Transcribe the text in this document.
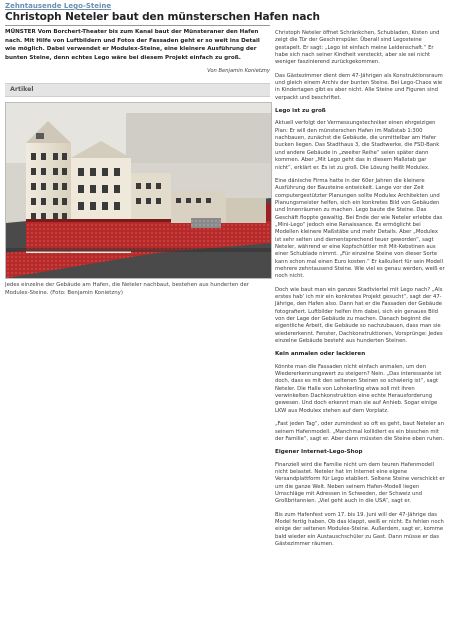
Zehntausende Lego-Steine
Christoph Neteler baut den münsterschen Hafen nach

MÜNSTER Vom Borchert-Theater bis zum Kanal baut der Münsteraner den Hafen nach. Mit Hilfe von Luftbildern und Fotos der Fassaden geht er so weit ins Detail wie möglich. Dabei verwendet er Modulex-Steine, eine kleinere Ausführung der bunten Steine, denn echtes Lego wäre bei diesem Projekt einfach zu groß.

Von Benjamin Konietzny
Artikel

Jedes einzelne der Gebäude am Hafen, die Neteler nachbaut, bestehen aus hunderten der Modulex-Steine. (Foto: Benjamin Konietzny)

Christoph Neteler öffnet Schränkchen, Schubladen, Kisten und zeigt die Tür der Geschirrspüler. Überall sind Legosteine gestapelt. Er sagt: „Lego ist einfach meine Leidenschaft.“ Er habe sich nach seiner Kindheit versteckt, aber sie sei nicht weniger faszinierend zurückgekommen.

Das Gästezimmer dient dem 47-Jährigen als Konstruktionsraum und gleich einem Archiv der bunten Steine. Bei Lego-Chaos wie in Kindertagen gibt es aber nicht. Alle Steine und Figuren sind verpackt und beschriftet.

Lego ist zu groß

Aktuell verfolgt der Vermessungstechniker einen ehrgeizigen Plan: Er will den münsterschen Hafen im Maßstab 1:300 nachbauen, zunächst die Gebäude, die unmittelbar am Hafer bucken liegen. Das Stadthaus 3, die Stadtwerke, die FSD-Bank und andere Gebäude in „zweiter Reihe“ seien später dann kommen. Aber „Mit Lego geht das in diesem Maßstab gar nicht“, erklärt er. Es ist zu groß. Die Lösung heißt Modulex.

Eine dänische Firma hatte in der 60er Jahren die kleinere Ausführung der Bausteine entwickelt. Lange vor der Zeit computergestützter Planungen sollte Modulex Architekten und Planungsmeister helfen, sich ein konkretes Bild von Gebäuden und Innenräumen zu machen. Lego baute die Steine. Das Geschäft floppte gewaltig. Bei Ende der wie Neteler erlebte das „Mini-Lego“ jedoch eine Renaissance. Es ermöglicht bei Modellen kleinere Maßstäbe und mehr Details. Aber „Modulex ist sehr selten und dementsprechend teuer geworden“, sagt Neteler, während er eine Kopfschüttler mit Mit-Kebstinen aus einer Schublade nimmt. „Für einzelne Steine von dieser Sorte kann schon mal einen Euro kosten.“ Er kalkuliert für sein Modell mehrere zehntausend Steine. Wie viel es genau werden, weiß er noch nicht.

Doch wie baut man ein ganzes Stadtviertel mit Lego nach? „Als erstes hab’ ich mir ein konkretes Projekt gesucht“, sagt der 47-Jährige, den Hafen also. Dann hat er die Fassaden der Gebäude fotografiert. Luftbilder helfen ihm dabei, sich ein genaues Bild von der Lage der Gebäude zu machen. Danach beginnt die eigentliche Arbeit, die Gebäude so nachzubauen, dass man sie wiedererkennt. Fenster, Dachkonstruktionen, Vorsprünge: Jedes einzelne Gebäude besteht aus hunderten Steinen.

Kein anmalen oder lackieren

Könnte man die Fassaden nicht einfach anmalen, um den Wiedererkennungswert zu steigern? Nein. „Das interessante ist doch, dass es mit den seltenen Steinen so schwierig ist“, sagt Neteler. Die Halle von Lohnkerling etwa soll mit ihren verwinkelten Dachkonstruktion eine echte Herausforderung gewesen. Und doch erkennt man sie auf Anhieb. Sogar einige LKW aus Modulex stehen auf dem Vorplatz.

„Fast jeden Tag“, oder zumindest so oft es geht, baut Neteler an seinem Hafenmodell. „Manchmal kollidiert es ein bisschen mit der Familie“, sagt er. Aber dann müssten die Steine eben ruhen.

Eigener Internet-Lego-Shop

Finanziell wird die Familie nicht um dem teuren Hafenmodell nicht belastet. Neteler hat im Internet eine eigene Versandplattform für Lego etabliert. Seltene Steine verschickt er um die ganze Welt. Neben seinem Hafen-Modell liegen Umschläge mit Adressen in Schweden, der Schweiz und Großbritannien. „Viel geht auch in die USA“, sagt er.

Bis zum Hafenfest vom 17. bis 19. Juni will der 47-Jährige das Model fertig haben. Ob das klappt, weiß er nicht. Es fehlen noch einige der seltenen Modulex-Steine. Außerdem, sagt er, komme bald wieder ein Austauschschüler zu Gast. Dann müsse er das Gästezimmer räumen.
